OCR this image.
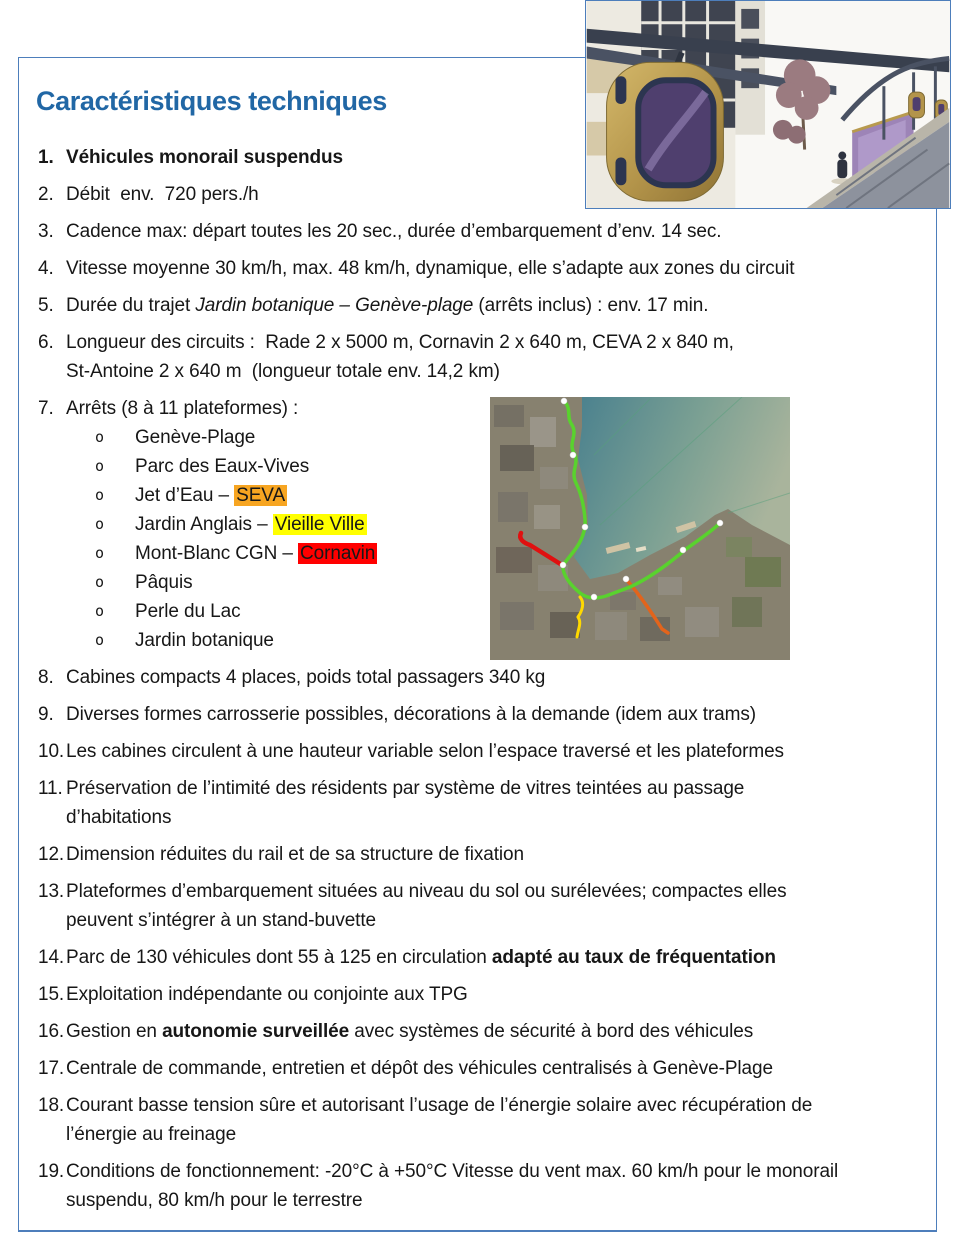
Caractéristiques techniques
1. Véhicules monorail suspendus
2. Débit  env.  720 pers./h
3. Cadence max: départ toutes les 20 sec., durée d’embarquement d’env. 14 sec.
4. Vitesse moyenne 30 km/h, max. 48 km/h, dynamique, elle s’adapte aux zones du circuit
5. Durée du trajet Jardin botanique – Genève-plage (arrêts inclus) : env. 17 min.
6. Longueur des circuits :  Rade 2 x 5000 m, Cornavin 2 x 640 m, CEVA 2 x 840 m,
St-Antoine 2 x 640 m  (longueur totale env. 14,2 km)
7. Arrêts (8 à 11 plateformes) :
o	Genève-Plage
o	Parc des Eaux-Vives
o	Jet d’Eau – SEVA
o	Jardin Anglais – Vieille Ville
o	Mont-Blanc CGN – Cornavin
o	Pâquis
o	Perle du Lac
o	Jardin botanique
8. Cabines compacts 4 places, poids total passagers 340 kg
9. Diverses formes carrosserie possibles, décorations à la demande (idem aux trams)
10. Les cabines circulent à une hauteur variable selon l’espace traversé et les plateformes
11. Préservation de l’intimité des résidents par système de vitres teintées au passage
d’habitations
12. Dimension réduites du rail et de sa structure de fixation
13. Plateformes d’embarquement situées au niveau du sol ou surélevées; compactes elles
peuvent s’intégrer à un stand-buvette
14. Parc de 130 véhicules dont 55 à 125 en circulation adapté au taux de fréquentation
15. Exploitation indépendante ou conjointe aux TPG
16. Gestion en autonomie surveillée avec systèmes de sécurité à bord des véhicules
17. Centrale de commande, entretien et dépôt des véhicules centralisés à Genève-Plage
18. Courant basse tension sûre et autorisant l’usage de l’énergie solaire avec récupération de
l’énergie au freinage
19. Conditions de fonctionnement: -20°C à +50°C Vitesse du vent max. 60 km/h pour le monorail
suspendu, 80 km/h pour le terrestre
